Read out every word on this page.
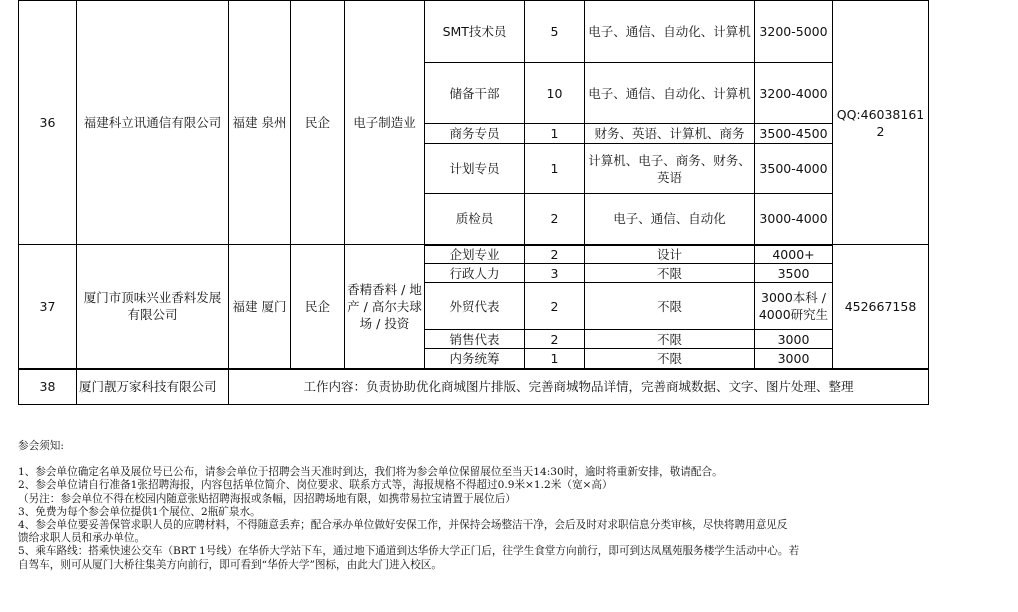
36	福建科立讯通信有限公司	福建 泉州	民企	电子制造业	SMT技术员	5	电子、通信、自动化、计算机	3200-5000	QQ:460381612
					储备干部	10	电子、通信、自动化、计算机	3200-4000	
					商务专员	1	财务、英语、计算机、商务	3500-4500	
					计划专员	1	计算机、电子、商务、财务、英语	3500-4000	
					质检员	2	电子、通信、自动化	3000-4000	
37	厦门市顶味兴业香料发展有限公司	福建 厦门	民企	香精香料 / 地产 / 高尔夫球场 / 投资	企划专业	2	设计	4000+	452667158
					行政人力	3	不限	3500	
					外贸代表	2	不限	3000本科 / 4000研究生	
					销售代表	2	不限	3000	
					内务统筹	1	不限	3000	
38	厦门靓万家科技有限公司	工作内容：负责协助优化商城图片排版、完善商城物品详情，完善商城数据、文字、图片处理、整理							

参会须知:

1、参会单位确定名单及展位号已公布，请参会单位于招聘会当天准时到达，我们将为参会单位保留展位至当天14:30时，逾时将重新安排，敬请配合。

2、参会单位请自行准备1张招聘海报，内容包括单位简介、岗位要求、联系方式等，海报规格不得超过0.9米×1.2米（宽×高）

（另注：参会单位不得在校园内随意张贴招聘海报或条幅，因招聘场地有限，如携带易拉宝请置于展位后）

3、免费为每个参会单位提供1个展位、2瓶矿泉水。

4、参会单位要妥善保管求职人员的应聘材料，不得随意丢弃；配合承办单位做好安保工作，并保持会场整洁干净，会后及时对求职信息分类审核，尽快将聘用意见反

馈给求职人员和承办单位。

5、乘车路线：搭乘快速公交车（BRT 1号线）在华侨大学站下车，通过地下通道到达华侨大学正门后，往学生食堂方向前行，即可到达凤凰苑服务楼学生活动中心。若

自驾车，则可从厦门大桥往集美方向前行，即可看到“华侨大学”图标，由此大门进入校区。
